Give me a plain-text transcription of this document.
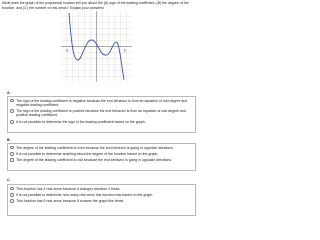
What does the graph of the polynomial function tell you about the (A) sign of the leading coefficient, (B) the degree of the function, and (C) the number of real zeros? Explain your answers!

-5	5
A.
The sign of the leading coefficient is negative because the end behavior is from an equation of odd degree and negative leading coefficient.
The sign of the leading coefficient is positive because the end behavior is from an equation of odd degree and positive leading coefficient.
It is not possible to determine the sign of the leading coefficient based on the graph.
B.
The degree of the leading coefficient is even because the end behavior is going in opposite directions.
It is not possible to determine anything about the degree of the function based on the graph.
The degree of the leading coefficient is odd because the end behavior is going in opposite directions.
C.
This function has 4 real zeros because it changes direction 4 times.
It is not possible to determine how many real zeros this function has based on the graph.
This function has 5 real zeros because it crosses the graph five times.
